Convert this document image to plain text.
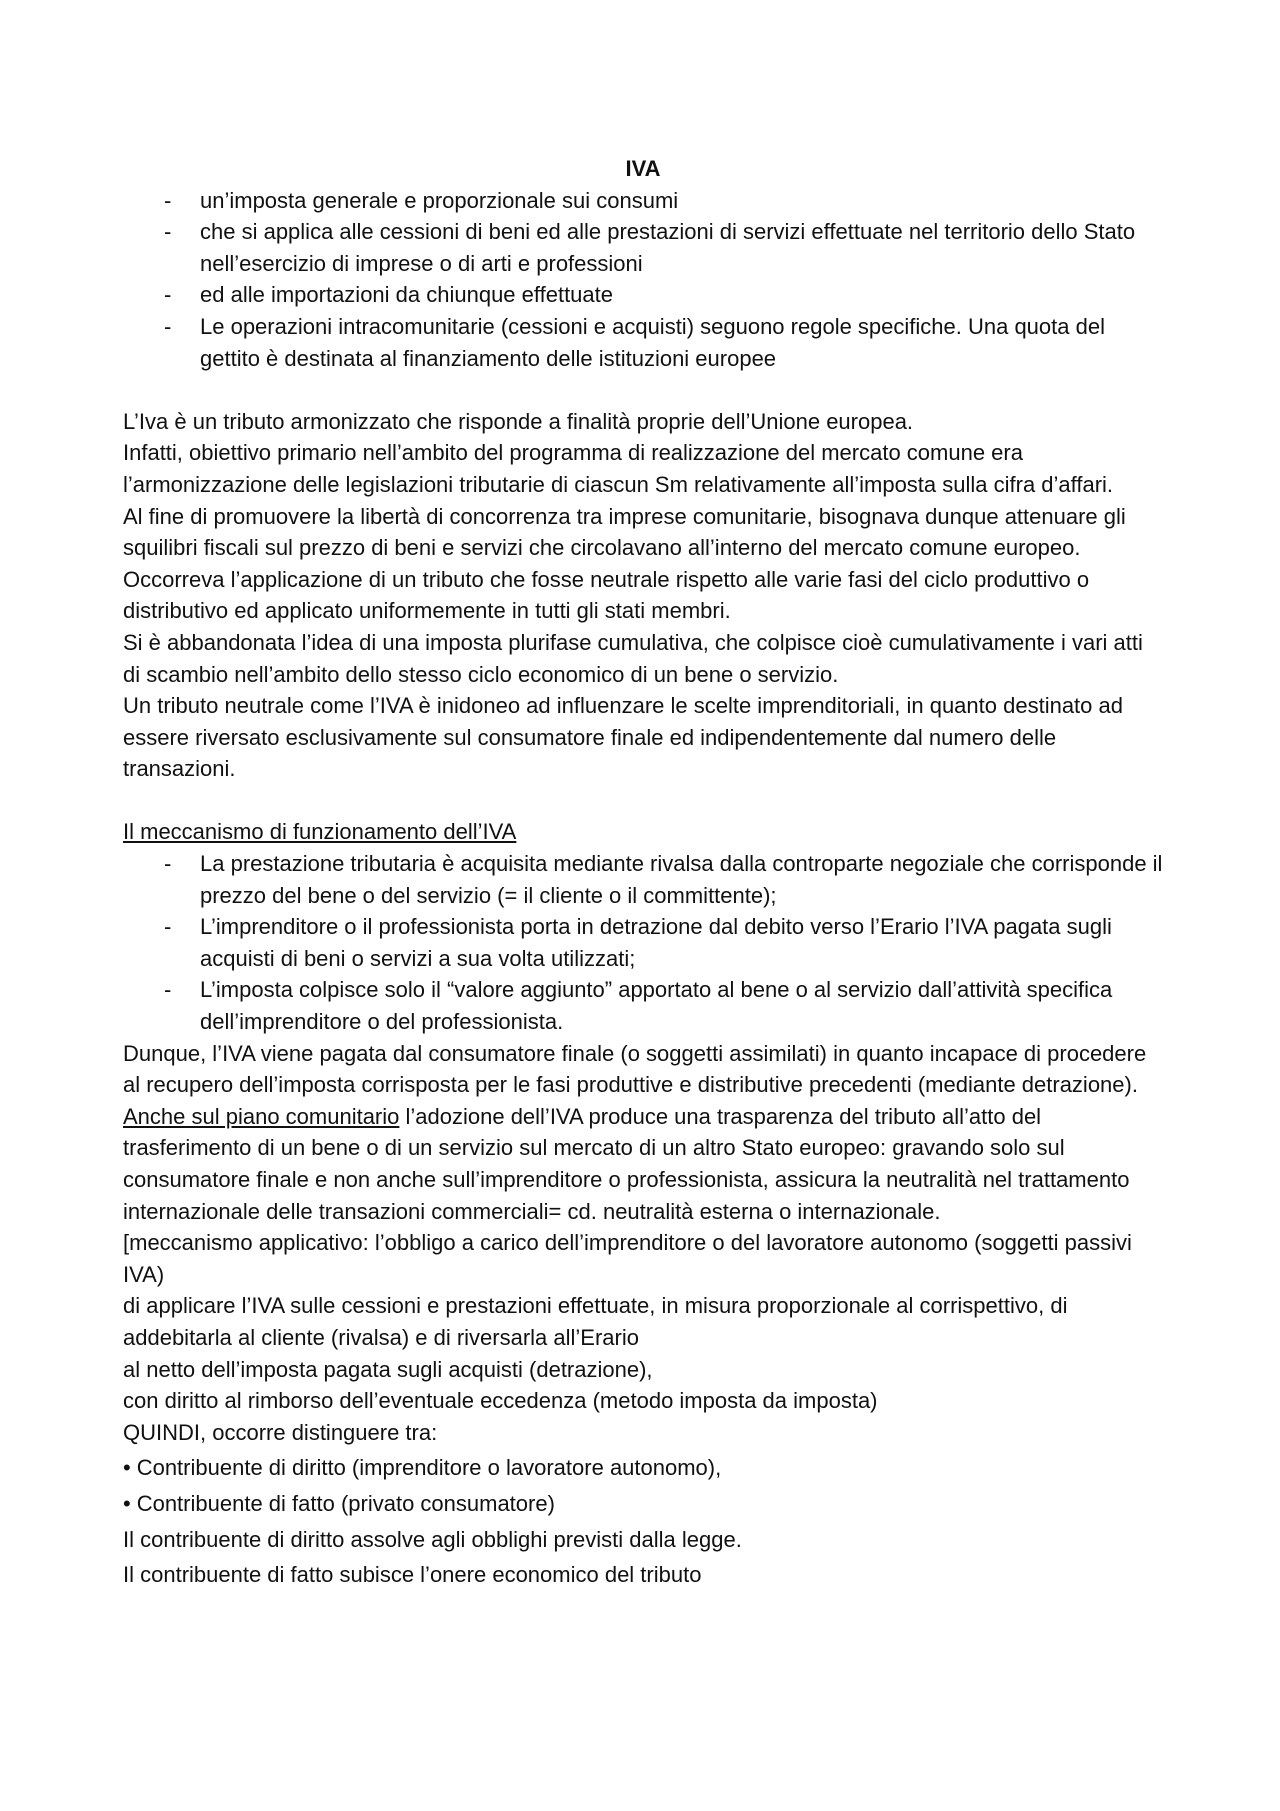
IVA

- un’imposta generale e proporzionale sui consumi
- che si applica alle cessioni di beni ed alle prestazioni di servizi effettuate nel territorio dello Stato nell’esercizio di imprese o di arti e professioni
- ed alle importazioni da chiunque effettuate
- Le operazioni intracomunitarie (cessioni e acquisti) seguono regole specifiche. Una quota del gettito è destinata al finanziamento delle istituzioni europee

L’Iva è un tributo armonizzato che risponde a finalità proprie dell’Unione europea.

Infatti, obiettivo primario nell’ambito del programma di realizzazione del mercato comune era l’armonizzazione delle legislazioni tributarie di ciascun Sm relativamente all’imposta sulla cifra d’affari.

Al fine di promuovere la libertà di concorrenza tra imprese comunitarie, bisognava dunque attenuare gli squilibri fiscali sul prezzo di beni e servizi che circolavano all’interno del mercato comune europeo. Occorreva l’applicazione di un tributo che fosse neutrale rispetto alle varie fasi del ciclo produttivo o distributivo ed applicato uniformemente in tutti gli stati membri.

Si è abbandonata l’idea di una imposta plurifase cumulativa, che colpisce cioè cumulativamente i vari atti di scambio nell’ambito dello stesso ciclo economico di un bene o servizio.

Un tributo neutrale come l’IVA è inidoneo ad influenzare le scelte imprenditoriali, in quanto destinato ad essere riversato esclusivamente sul consumatore finale ed indipendentemente dal numero delle transazioni.

Il meccanismo di funzionamento dell’IVA

- La prestazione tributaria è acquisita mediante rivalsa dalla controparte negoziale che corrisponde il prezzo del bene o del servizio (= il cliente o il committente);
- L’imprenditore o il professionista porta in detrazione dal debito verso l’Erario l’IVA pagata sugli acquisti di beni o servizi a sua volta utilizzati;
- L’imposta colpisce solo il “valore aggiunto” apportato al bene o al servizio dall’attività specifica dell’imprenditore o del professionista.

Dunque, l’IVA viene pagata dal consumatore finale (o soggetti assimilati) in quanto incapace di procedere al recupero dell’imposta corrisposta per le fasi produttive e distributive precedenti (mediante detrazione).

Anche sul piano comunitario l’adozione dell’IVA produce una trasparenza del tributo all’atto del trasferimento di un bene o di un servizio sul mercato di un altro Stato europeo: gravando solo sul consumatore finale e non anche sull’imprenditore o professionista, assicura la neutralità nel trattamento internazionale delle transazioni commerciali= cd. neutralità esterna o internazionale.

[meccanismo applicativo: l’obbligo a carico dell’imprenditore o del lavoratore autonomo (soggetti passivi IVA)

di applicare l’IVA sulle cessioni e prestazioni effettuate, in misura proporzionale al corrispettivo, di addebitarla al cliente (rivalsa) e di riversarla all’Erario

al netto dell’imposta pagata sugli acquisti (detrazione),

con diritto al rimborso dell’eventuale eccedenza (metodo imposta da imposta)

QUINDI, occorre distinguere tra:

• Contribuente di diritto (imprenditore o lavoratore autonomo),

• Contribuente di fatto (privato consumatore)

Il contribuente di diritto assolve agli obblighi previsti dalla legge.

Il contribuente di fatto subisce l’onere economico del tributo
